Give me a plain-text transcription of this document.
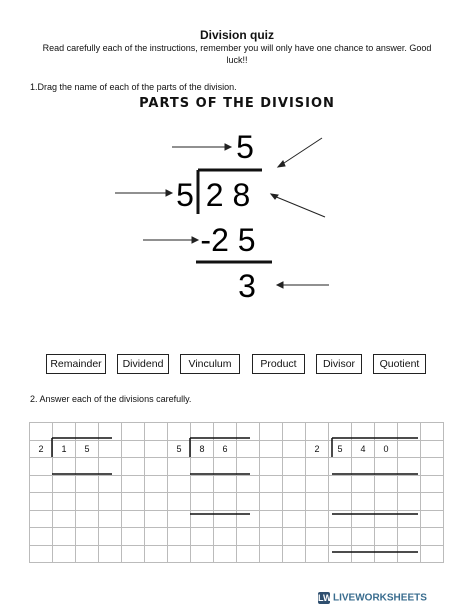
Division quiz
Read carefully each of the instructions, remember you will only have one chance to answer. Good luck!!
1.Drag the name of each of the parts of the division.
PARTS OF THE DIVISION
5
5 2 8
-2 5
3
Remainder	Dividend	Vinculum	Product	Divisor	Quotient
2. Answer each of the divisions carefully.

2	1	5				5	8	6				2	5	4	0		

LW LIVEWORKSHEETS
